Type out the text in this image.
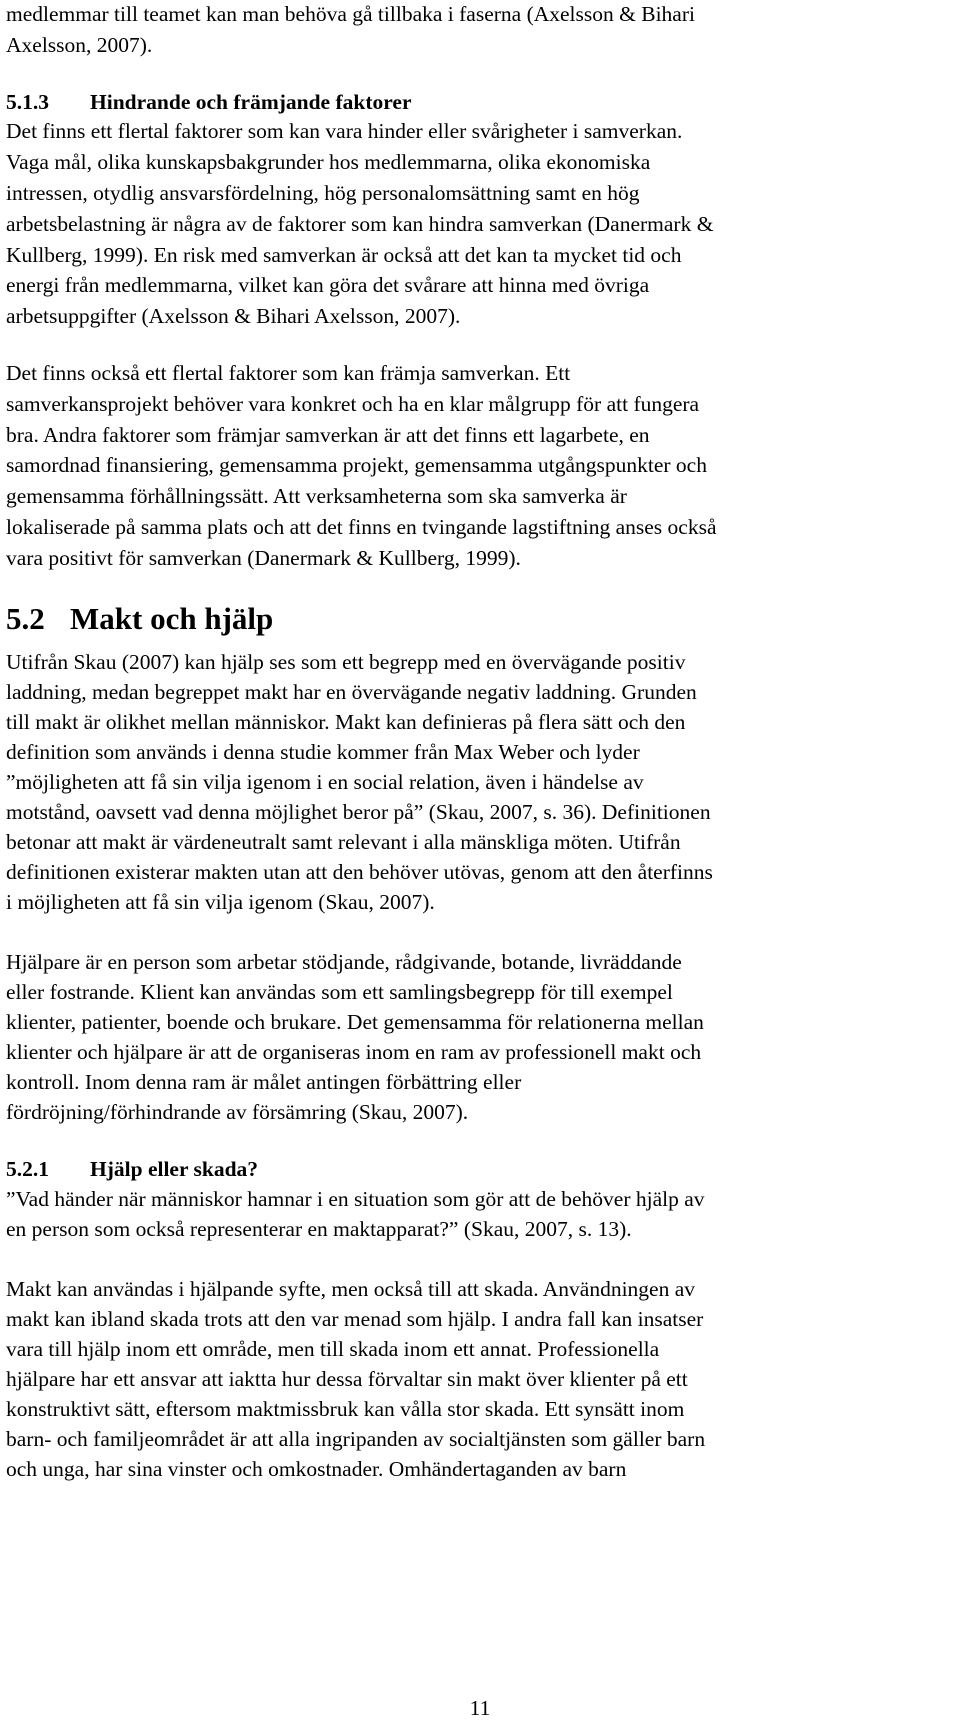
medlemmar till teamet kan man behöva gå tillbaka i faserna (Axelsson & Bihari
Axelsson, 2007).
5.1.3 Hindrande och främjande faktorer
Det finns ett flertal faktorer som kan vara hinder eller svårigheter i samverkan.
Vaga mål, olika kunskapsbakgrunder hos medlemmarna, olika ekonomiska
intressen, otydlig ansvarsfördelning, hög personalomsättning samt en hög
arbetsbelastning är några av de faktorer som kan hindra samverkan (Danermark &
Kullberg, 1999). En risk med samverkan är också att det kan ta mycket tid och
energi från medlemmarna, vilket kan göra det svårare att hinna med övriga
arbetsuppgifter (Axelsson & Bihari Axelsson, 2007).
Det finns också ett flertal faktorer som kan främja samverkan. Ett
samverkansprojekt behöver vara konkret och ha en klar målgrupp för att fungera
bra. Andra faktorer som främjar samverkan är att det finns ett lagarbete, en
samordnad finansiering, gemensamma projekt, gemensamma utgångspunkter och
gemensamma förhållningssätt. Att verksamheterna som ska samverka är
lokaliserade på samma plats och att det finns en tvingande lagstiftning anses också
vara positivt för samverkan (Danermark & Kullberg, 1999).
5.2 Makt och hjälp
Utifrån Skau (2007) kan hjälp ses som ett begrepp med en övervägande positiv
laddning, medan begreppet makt har en övervägande negativ laddning. Grunden
till makt är olikhet mellan människor. Makt kan definieras på flera sätt och den
definition som används i denna studie kommer från Max Weber och lyder
”möjligheten att få sin vilja igenom i en social relation, även i händelse av
motstånd, oavsett vad denna möjlighet beror på” (Skau, 2007, s. 36). Definitionen
betonar att makt är värdeneutralt samt relevant i alla mänskliga möten. Utifrån
definitionen existerar makten utan att den behöver utövas, genom att den återfinns
i möjligheten att få sin vilja igenom (Skau, 2007).
Hjälpare är en person som arbetar stödjande, rådgivande, botande, livräddande
eller fostrande. Klient kan användas som ett samlingsbegrepp för till exempel
klienter, patienter, boende och brukare. Det gemensamma för relationerna mellan
klienter och hjälpare är att de organiseras inom en ram av professionell makt och
kontroll. Inom denna ram är målet antingen förbättring eller
fördröjning/förhindrande av försämring (Skau, 2007).
5.2.1 Hjälp eller skada?
”Vad händer när människor hamnar i en situation som gör att de behöver hjälp av
en person som också representerar en maktapparat?” (Skau, 2007, s. 13).
Makt kan användas i hjälpande syfte, men också till att skada. Användningen av
makt kan ibland skada trots att den var menad som hjälp. I andra fall kan insatser
vara till hjälp inom ett område, men till skada inom ett annat. Professionella
hjälpare har ett ansvar att iaktta hur dessa förvaltar sin makt över klienter på ett
konstruktivt sätt, eftersom maktmissbruk kan vålla stor skada. Ett synsätt inom
barn- och familjeområdet är att alla ingripanden av socialtjänsten som gäller barn
och unga, har sina vinster och omkostnader. Omhändertaganden av barn
11
